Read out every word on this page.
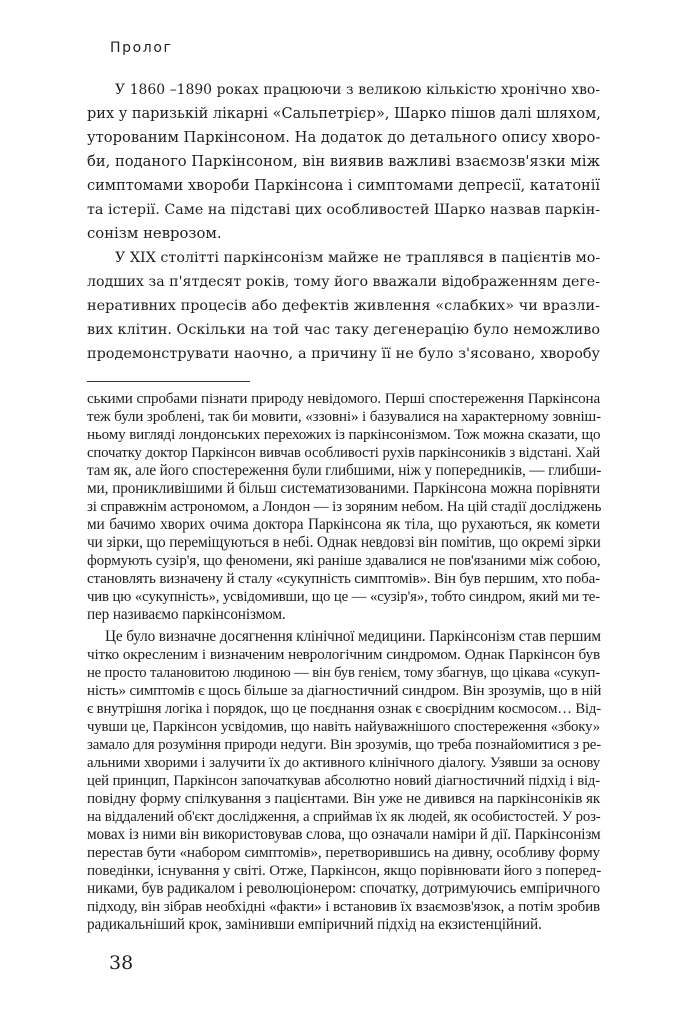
Пролог
У 1860 –1890 роках працюючи з великою кількістю хронічно хво-
рих у паризькій лікарні «Сальпетрієр», Шарко пішов далі шляхом,
уторованим Паркінсоном. На додаток до детального опису хворо-
би, поданого Паркінсоном, він виявив важливі взаємозв'язки між
симптомами хвороби Паркінсона і симптомами депресії, кататонії
та істерії. Саме на підставі цих особливостей Шарко назвав паркін-
сонізм неврозом.
У XIX столітті паркінсонізм майже не траплявся в пацієнтів мо-
лодших за п'ятдесят років, тому його вважали відображенням деге-
неративних процесів або дефектів живлення «слабких» чи вразли-
вих клітин. Оскільки на той час таку дегенерацію було неможливо
продемонструвати наочно, а причину її не було з'ясовано, хворобу
ськими спробами пізнати природу невідомого. Перші спостереження Паркінсона
теж були зроблені, так би мовити, «ззовні» і базувалися на характерному зовніш-
ньому вигляді лондонських перехожих із паркінсонізмом. Тож можна сказати, що
спочатку доктор Паркінсон вивчав особливості рухів паркінсоників з відстані. Хай
там як, але його спостереження були глибшими, ніж у попередників, — глибши-
ми, проникливішими й більш систематизованими. Паркінсона можна порівняти
зі справжнім астрономом, а Лондон — із зоряним небом. На цій стадії досліджень
ми бачимо хворих очима доктора Паркінсона як тіла, що рухаються, як комети
чи зірки, що переміщуються в небі. Однак невдовзі він помітив, що окремі зірки
формують сузір'я, що феномени, які раніше здавалися не пов'язаними між собою,
становлять визначену й сталу «сукупність симптомів». Він був першим, хто поба-
чив цю «сукупність», усвідомивши, що це — «сузір'я», тобто синдром, який ми те-
пер називаємо паркінсонізмом.
Це було визначне досягнення клінічної медицини. Паркінсонізм став першим
чітко окресленим і визначеним неврологічним синдромом. Однак Паркінсон був
не просто талановитою людиною — він був генієм, тому збагнув, що цікава «сукуп-
ність» симптомів є щось більше за діагностичний синдром. Він зрозумів, що в ній
є внутрішня логіка і порядок, що це поєднання ознак є своєрідним космосом… Від-
чувши це, Паркінсон усвідомив, що навіть найуважнішого спостереження «збоку»
замало для розуміння природи недуги. Він зрозумів, що треба познайомитися з ре-
альними хворими і залучити їх до активного клінічного діалогу. Узявши за основу
цей принцип, Паркінсон започаткував абсолютно новий діагностичний підхід і від-
повідну форму спілкування з пацієнтами. Він уже не дивився на паркінсоніків як
на віддалений об'єкт дослідження, а сприймав їх як людей, як особистостей. У роз-
мовах із ними він використовував слова, що означали наміри й дії. Паркінсонізм
перестав бути «набором симптомів», перетворившись на дивну, особливу форму
поведінки, існування у світі. Отже, Паркінсон, якщо порівнювати його з поперед-
никами, був радикалом і революціонером: спочатку, дотримуючись емпіричного
підходу, він зібрав необхідні «факти» і встановив їх взаємозв'язок, а потім зробив
радикальніший крок, замінивши емпіричний підхід на екзистенційний.
38
